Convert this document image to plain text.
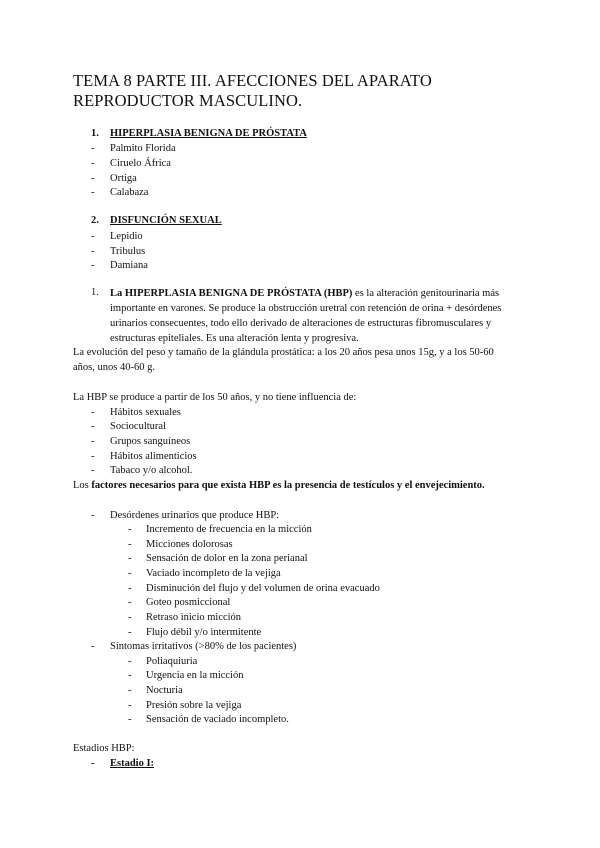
TEMA 8 PARTE III. AFECCIONES DEL APARATO REPRODUCTOR MASCULINO.
1. HIPERPLASIA BENIGNA DE PRÓSTATA
- Palmito Florida
- Ciruelo África
- Ortiga
- Calabaza
2. DISFUNCIÓN SEXUAL
- Lepidio
- Tribulus
- Damiana
1. La HIPERPLASIA BENIGNA DE PRÓSTATA (HBP) es la alteración genitourinaria más importante en varones. Se produce la obstrucción uretral con retención de orina + desórdenes urinarios consecuentes, todo ello derivado de alteraciones de estructuras fibromusculares y estructuras epiteliales. Es una alteración lenta y progresiva.
La evolución del peso y tamaño de la glándula prostática: a los 20 años pesa unos 15g, y a los 50-60
años, unos 40-60 g.
La HBP se produce a partir de los 50 años, y no tiene influencia de:
- Hábitos sexuales
- Sociocultural
- Grupos sanguíneos
- Hábitos alimenticios
- Tabaco y/o alcohol.
Los factores necesarios para que exista HBP es la presencia de testículos y el envejecimiento.
- Desórdenes urinarios que produce HBP:
- Incremento de frecuencia en la micción
- Micciones dolorosas
- Sensación de dolor en la zona perianal
- Vaciado incompleto de la vejiga
- Disminución del flujo y del volumen de orina evacuado
- Goteo posmiccional
- Retraso inicio micción
- Flujo débil y/o intermitente
- Síntomas irritativos (>80% de los pacientes)
- Poliaquiuria
- Urgencia en la micción
- Nocturia
- Presión sobre la vejiga
- Sensación de vaciado incompleto.
Estadios HBP:
- Estadio I:
